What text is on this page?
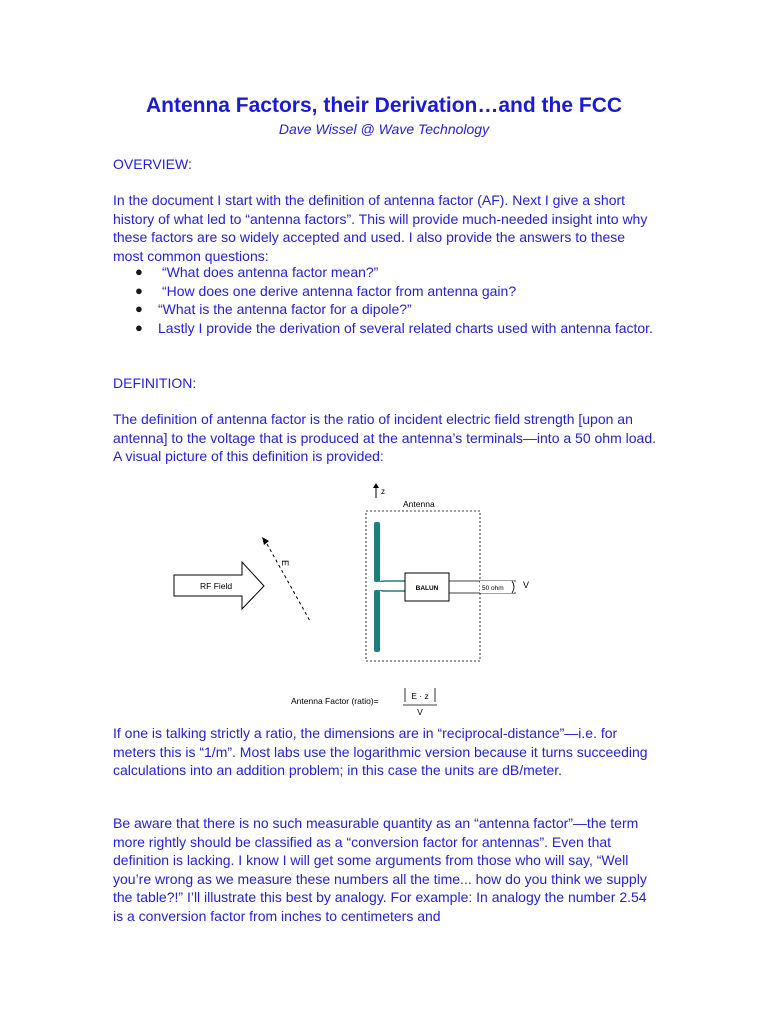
Antenna Factors, their Derivation…and the FCC

Dave Wissel @ Wave Technology

OVERVIEW:

In the document I start with the definition of antenna factor (AF). Next I give a short history of what led to “antenna factors”. This will provide much-needed insight into why these factors are so widely accepted and used. I also provide the answers to these most common questions:

● “What does antenna factor mean?”
● “How does one derive antenna factor from antenna gain?
● “What is the antenna factor for a dipole?”
● Lastly I provide the derivation of several related charts used with antenna factor.

DEFINITION:

The definition of antenna factor is the ratio of incident electric field strength [upon an antenna] to the voltage that is produced at the antenna’s terminals—into a 50 ohm load. A visual picture of this definition is provided:

z
Antenna
BALUN	50 ohm
RF Field
E
Antenna Factor (ratio)=	E · z
V
V

If one is talking strictly a ratio, the dimensions are in “reciprocal-distance”—i.e. for meters this is “1/m”. Most labs use the logarithmic version because it turns succeeding calculations into an addition problem; in this case the units are dB/meter.

Be aware that there is no such measurable quantity as an “antenna factor”—the term more rightly should be classified as a “conversion factor for antennas”. Even that definition is lacking. I know I will get some arguments from those who will say, “Well you’re wrong as we measure these numbers all the time... how do you think we supply the table?!” I’ll illustrate this best by analogy. For example: In analogy the number 2.54 is a conversion factor from inches to centimeters and
